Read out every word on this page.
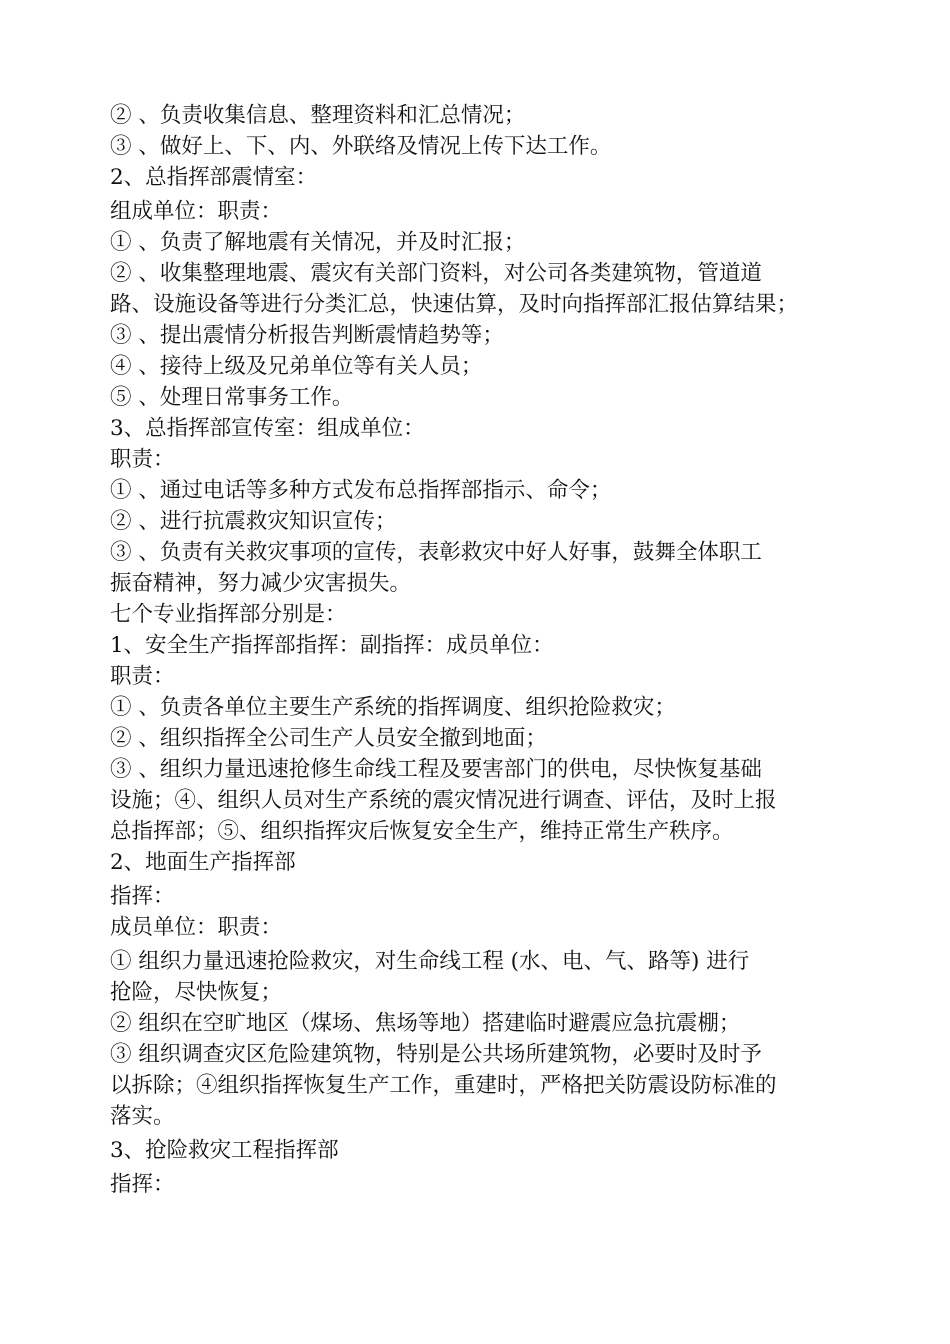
② 、负责收集信息、整理资料和汇总情况；
③ 、做好上、下、内、外联络及情况上传下达工作。
2、总指挥部震情室：
组成单位：职责：
① 、负责了解地震有关情况，并及时汇报；
② 、收集整理地震、震灾有关部门资料，对公司各类建筑物，管道道
路、设施设备等进行分类汇总，快速估算，及时向指挥部汇报估算结果；
③ 、提出震情分析报告判断震情趋势等；
④ 、接待上级及兄弟单位等有关人员；
⑤ 、处理日常事务工作。
3、总指挥部宣传室：组成单位：
职责：
① 、通过电话等多种方式发布总指挥部指示、命令；
② 、进行抗震救灾知识宣传；
③ 、负责有关救灾事项的宣传，表彰救灾中好人好事，鼓舞全体职工
振奋精神，努力减少灾害损失。
七个专业指挥部分别是：
1、安全生产指挥部指挥：副指挥：成员单位：
职责：
① 、负责各单位主要生产系统的指挥调度、组织抢险救灾；
② 、组织指挥全公司生产人员安全撤到地面；
③ 、组织力量迅速抢修生命线工程及要害部门的供电，尽快恢复基础
设施；④、组织人员对生产系统的震灾情况进行调查、评估，及时上报
总指挥部；⑤、组织指挥灾后恢复安全生产，维持正常生产秩序。
2、地面生产指挥部
指挥：
成员单位：职责：
① 组织力量迅速抢险救灾，对生命线工程 (水、电、气、路等) 进行
抢险，尽快恢复；
② 组织在空旷地区（煤场、焦场等地）搭建临时避震应急抗震棚；
③ 组织调查灾区危险建筑物，特别是公共场所建筑物，必要时及时予
以拆除；④组织指挥恢复生产工作，重建时，严格把关防震设防标准的
落实。
3、抢险救灾工程指挥部
指挥：
